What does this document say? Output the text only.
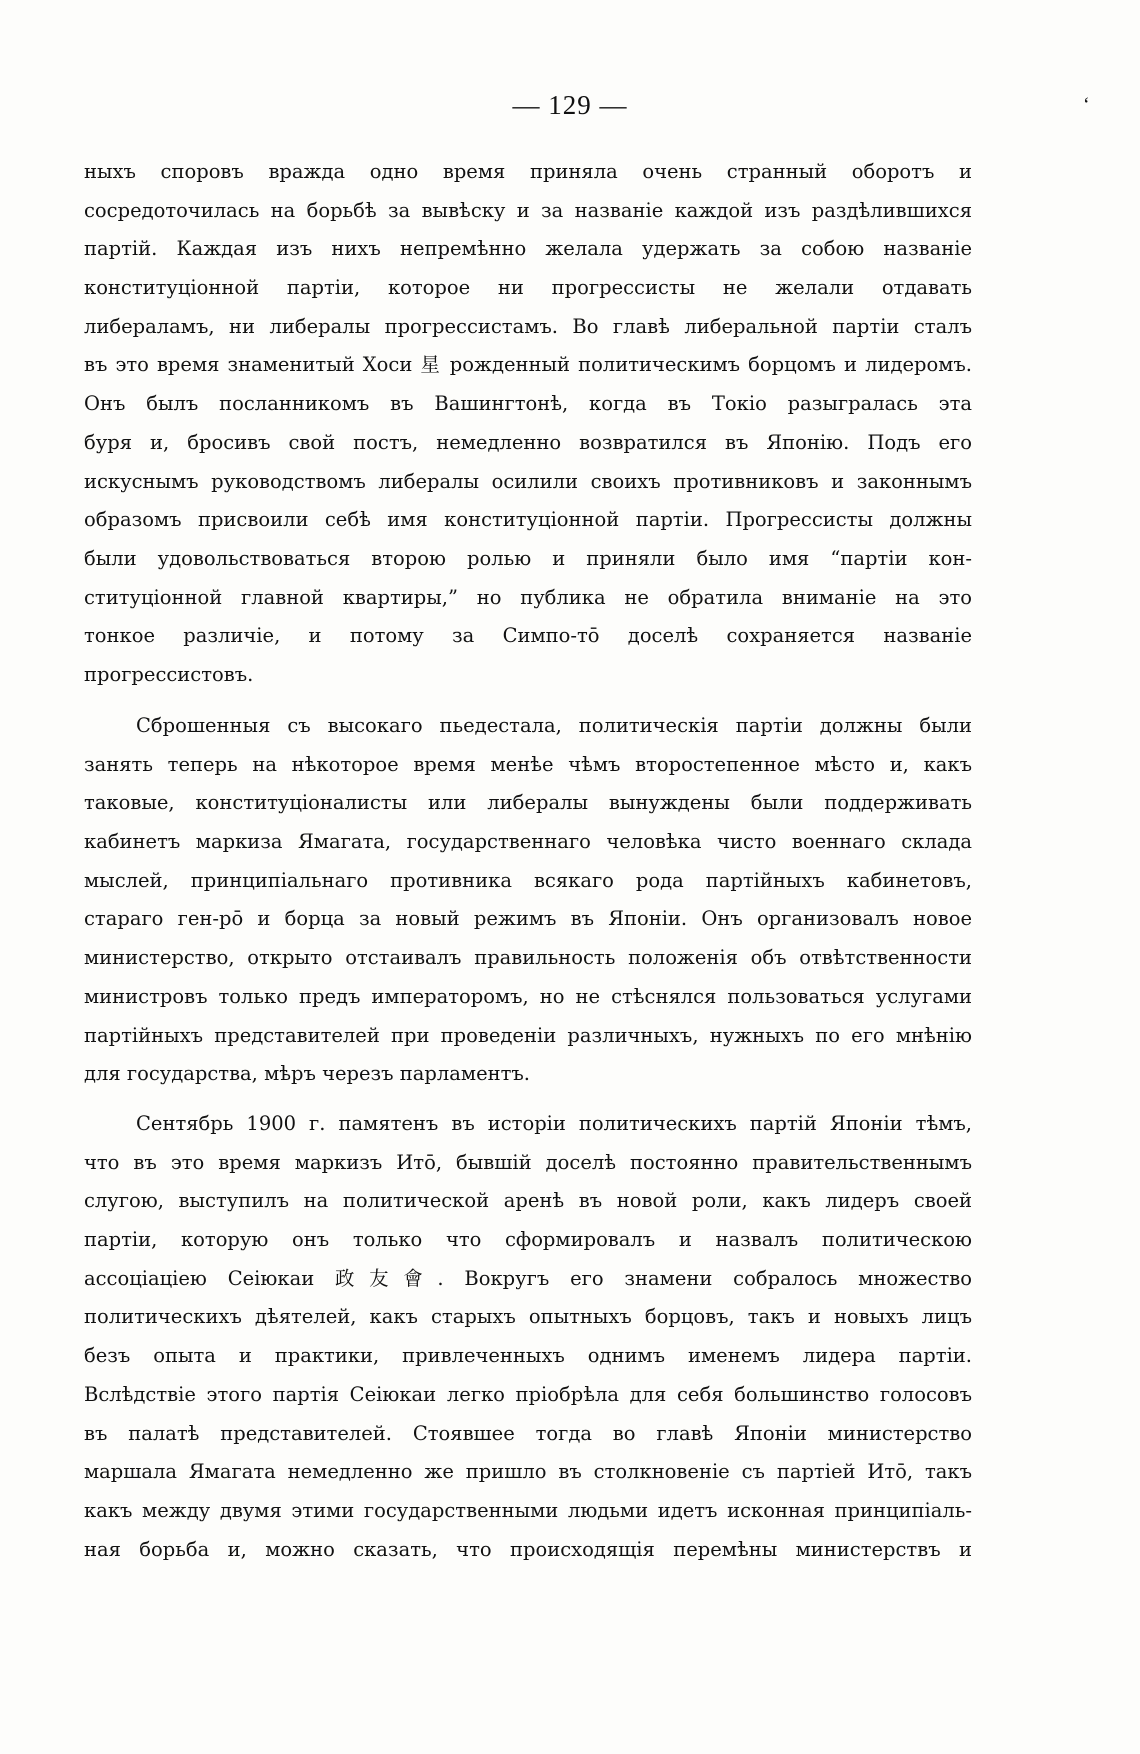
— 129 —	‘
ныхъ споровъ вражда одно время приняла очень странный оборотъ и
сосредоточилась на борьбѣ за вывѣску и за названіе каждой изъ раздѣлившихся
партій. Каждая изъ нихъ непремѣнно желала удержать за собою названіе
конституціонной партіи, которое ни прогрессисты не желали отдавать
либераламъ, ни либералы прогрессистамъ. Во главѣ либеральной партіи сталъ
въ это время знаменитый Хоси 星 рожденный политическимъ борцомъ и лидеромъ.
Онъ былъ посланникомъ въ Вашингтонѣ, когда въ Токіо разыгралась эта
буря и, бросивъ свой постъ, немедленно возвратился въ Японію. Подъ его
искуснымъ руководствомъ либералы осилили своихъ противниковъ и законнымъ
образомъ присвоили себѣ имя конституціонной партіи. Прогрессисты должны
были удовольствоваться второю ролью и приняли было имя “партіи кон-
ституціонной главной квартиры,” но публика не обратила вниманіе на это
тонкое различіе, и потому за Симпо-тō доселѣ сохраняется названіе
прогрессистовъ.
Сброшенныя съ высокаго пьедестала, политическія партіи должны были
занять теперь на нѣкоторое время менѣе чѣмъ второстепенное мѣсто и, какъ
таковые, конституціоналисты или либералы вынуждены были поддерживать
кабинетъ маркиза Ямагата, государственнаго человѣка чисто военнаго склада
мыслей, принципіальнаго противника всякаго рода партійныхъ кабинетовъ,
стараго ген-рō и борца за новый режимъ въ Японіи. Онъ организовалъ новое
министерство, открыто отстаивалъ правильность положенія объ отвѣтственности
министровъ только предъ императоромъ, но не стѣснялся пользоваться услугами
партійныхъ представителей при проведеніи различныхъ, нужныхъ по его мнѣнію
для государства, мѣръ черезъ парламентъ.
Сентябрь 1900 г. памятенъ въ исторіи политическихъ партій Японіи тѣмъ,
что въ это время маркизъ Итō, бывшій доселѣ постоянно правительственнымъ
слугою, выступилъ на политической аренѣ въ новой роли, какъ лидеръ своей
партіи, которую онъ только что сформировалъ и назвалъ политическою
ассоціаціею Сеіюкаи 政友會. Вокругъ его знамени собралось множество
политическихъ дѣятелей, какъ старыхъ опытныхъ борцовъ, такъ и новыхъ лицъ
безъ опыта и практики, привлеченныхъ однимъ именемъ лидера партіи.
Вслѣдствіе этого партія Сеіюкаи легко пріобрѣла для себя большинство голосовъ
въ палатѣ представителей. Стоявшее тогда во главѣ Японіи министерство
маршала Ямагата немедленно же пришло въ столкновеніе съ партіей Итō, такъ
какъ между двумя этими государственными людьми идетъ исконная принципіаль-
ная борьба и, можно сказать, что происходящія перемѣны министерствъ и
